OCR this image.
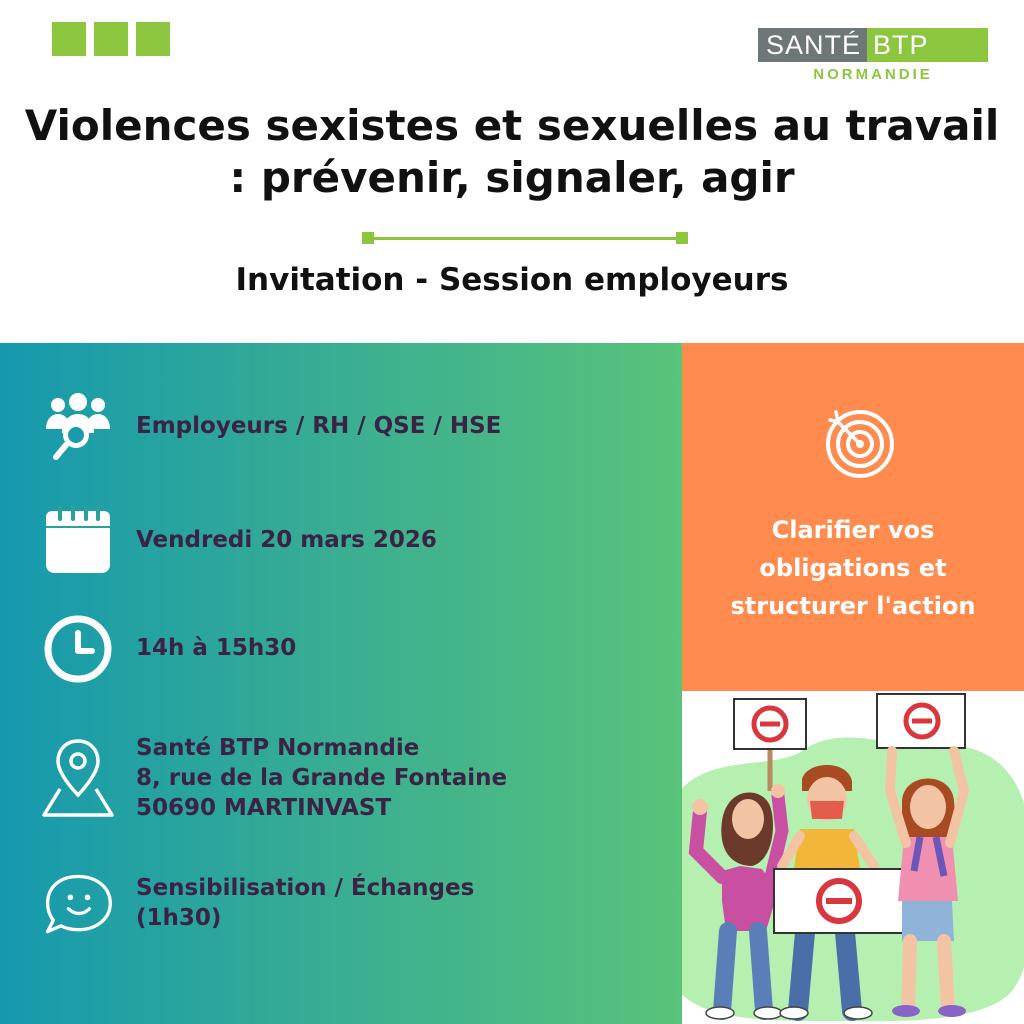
SANTÉ BTP
NORMANDIE
Violences sexistes et sexuelles au travail : prévenir, signaler, agir
Invitation - Session employeurs
Employeurs / RH / QSE / HSE
Vendredi 20 mars 2026
14h à 15h30
Santé BTP Normandie
8, rue de la Grande Fontaine
50690 MARTINVAST
Sensibilisation / Échanges
(1h30)
Clarifier vos
obligations et
structurer l'action
